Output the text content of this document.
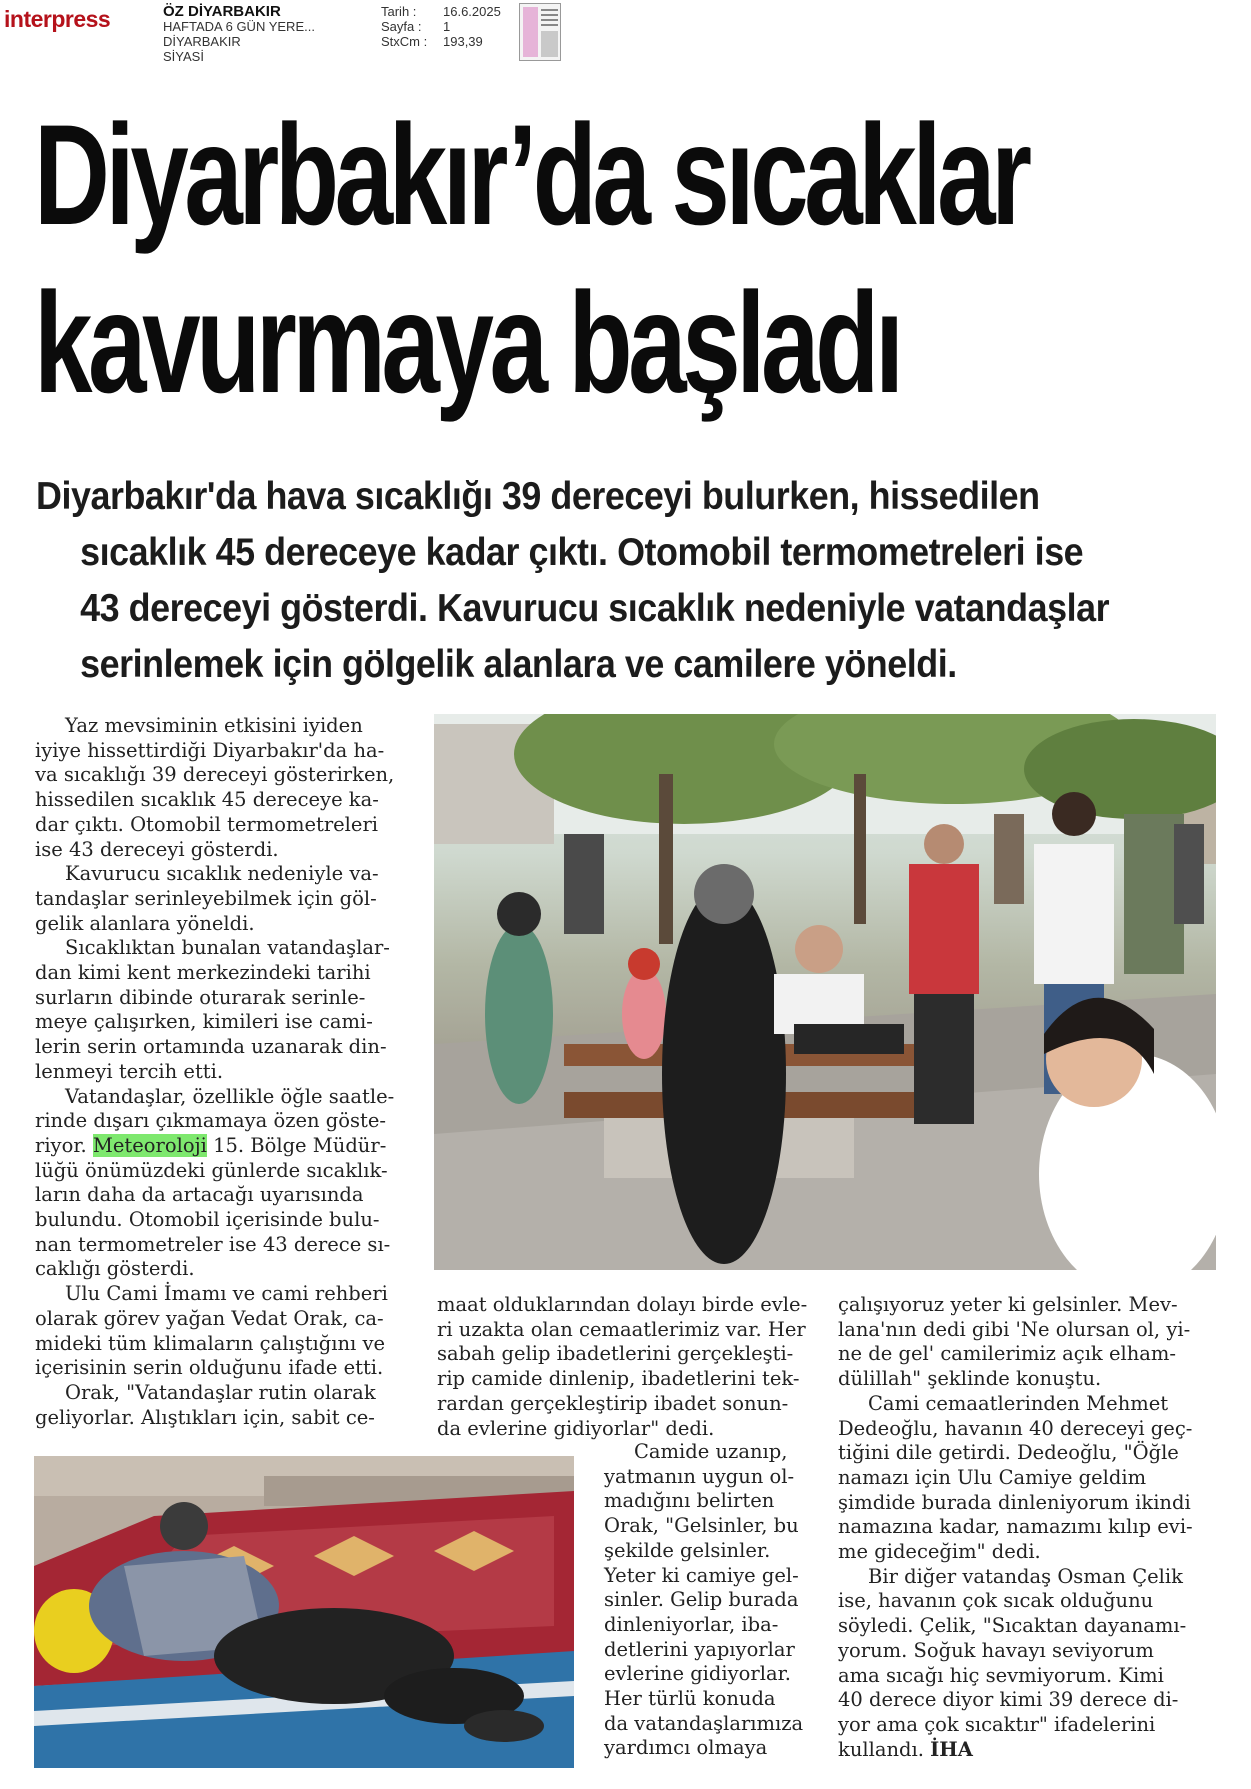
interpress	ÖZ DİYARBAKIR
HAFTADA 6 GÜN YERE...
DİYARBAKIR
SİYASİ
Tarih :	16.6.2025
Sayfa :	1
StxCm :	193,39
Diyarbakır’da sıcaklar
kavurmaya başladı
Diyarbakır'da hava sıcaklığı 39 dereceyi bulurken, hissedilen
sıcaklık 45 dereceye kadar çıktı. Otomobil termometreleri ise
43 dereceyi gösterdi. Kavurucu sıcaklık nedeniyle vatandaşlar
serinlemek için gölgelik alanlara ve camilere yöneldi.
Yaz mevsiminin etkisini iyiden
iyiye hissettirdiği Diyarbakır'da ha-
va sıcaklığı 39 dereceyi gösterirken,
hissedilen sıcaklık 45 dereceye ka-
dar çıktı. Otomobil termometreleri
ise 43 dereceyi gösterdi.
Kavurucu sıcaklık nedeniyle va-
tandaşlar serinleyebilmek için göl-
gelik alanlara yöneldi.
Sıcaklıktan bunalan vatandaşlar-
dan kimi kent merkezindeki tarihi
surların dibinde oturarak serinle-
meye çalışırken, kimileri ise cami-
lerin serin ortamında uzanarak din-
lenmeyi tercih etti.
Vatandaşlar, özellikle öğle saatle-
rinde dışarı çıkmamaya özen göste-
riyor. Meteoroloji 15. Bölge Müdür-
lüğü önümüzdeki günlerde sıcaklık-
ların daha da artacağı uyarısında
bulundu. Otomobil içerisinde bulu-
nan termometreler ise 43 derece sı-
caklığı gösterdi.
Ulu Cami İmamı ve cami rehberi
olarak görev yağan Vedat Orak, ca-
mideki tüm klimaların çalıştığını ve
içerisinin serin olduğunu ifade etti.
Orak, "Vatandaşlar rutin olarak
geliyorlar. Alıştıkları için, sabit ce-
maat olduklarından dolayı birde evle-
ri uzakta olan cemaatlerimiz var. Her
sabah gelip ibadetlerini gerçekleşti-
rip camide dinlenip, ibadetlerini tek-
rardan gerçekleştirip ibadet sonun-
da evlerine gidiyorlar" dedi.
Camide uzanıp,
yatmanın uygun ol-
madığını belirten
Orak, "Gelsinler, bu
şekilde gelsinler.
Yeter ki camiye gel-
sinler. Gelip burada
dinleniyorlar, iba-
detlerini yapıyorlar
evlerine gidiyorlar.
Her türlü konuda
da vatandaşlarımıza
yardımcı olmaya
çalışıyoruz yeter ki gelsinler. Mev-
lana'nın dedi gibi 'Ne olursan ol, yi-
ne de gel' camilerimiz açık elham-
dülillah" şeklinde konuştu.
Cami cemaatlerinden Mehmet
Dedeoğlu, havanın 40 dereceyi geç-
tiğini dile getirdi. Dedeoğlu, "Öğle
namazı için Ulu Camiye geldim
şimdide burada dinleniyorum ikindi
namazına kadar, namazımı kılıp evi-
me gideceğim" dedi.
Bir diğer vatandaş Osman Çelik
ise, havanın çok sıcak olduğunu
söyledi. Çelik, "Sıcaktan dayanamı-
yorum. Soğuk havayı seviyorum
ama sıcağı hiç sevmiyorum. Kimi
40 derece diyor kimi 39 derece di-
yor ama çok sıcaktır" ifadelerini
kullandı. İHA
